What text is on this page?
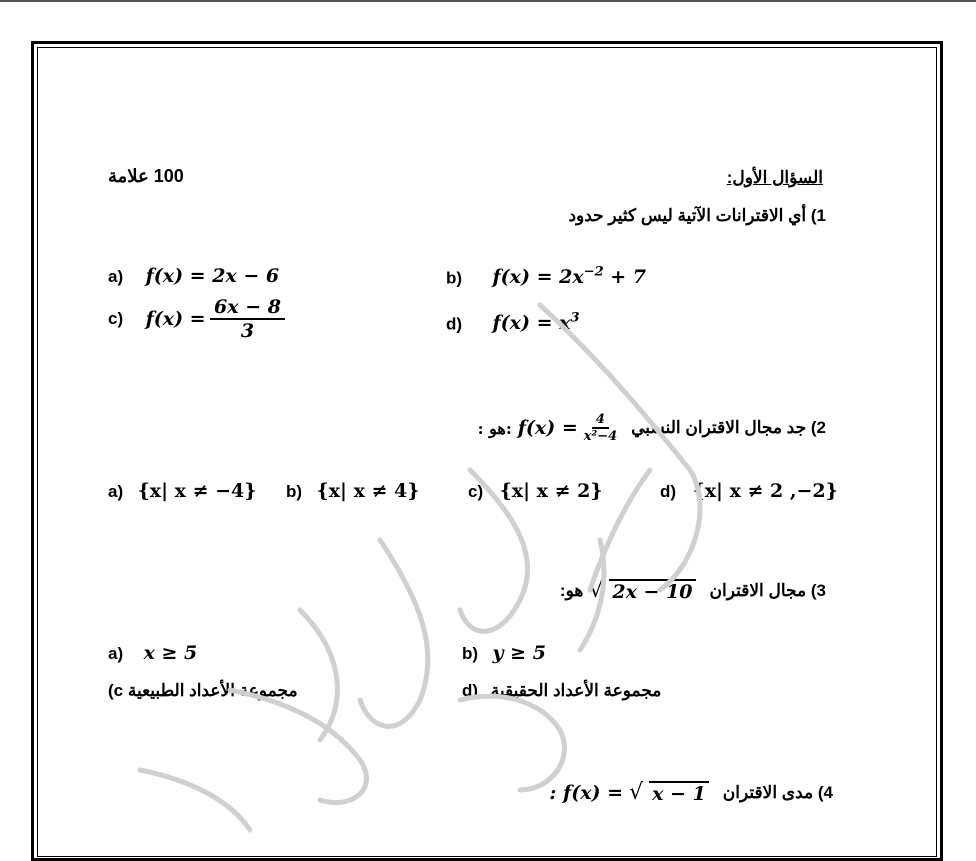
السؤال الأول:
100 علامة
1) أي الاقترانات الآتية ليس كثير حدود
a) f(x) = 2x − 6	b) $f(x) = 2x^{-2} + 7$
c) $f(x) = \frac{6x - 8}{3}$	d) $f(x) = x^3$
: هو: $f(x) = \frac{4}{\text{x²−4}}$	2) جد مجال الاقتران النسبي
a) {x| x ≠ −4} b) {x| x ≠ 4}	c) {x| x ≠ 2}	d) {x| x ≠ 2 ,−2}
هو: √ 2x − 10	3) مجال الاقتران
a) x ≥ 5	b) y ≥ 5
مجموعة الأعداد الطبيعية (c	d) مجموعة الأعداد الحقيقية
: f(x) = √ x − 1	4) مدى الاقتران
